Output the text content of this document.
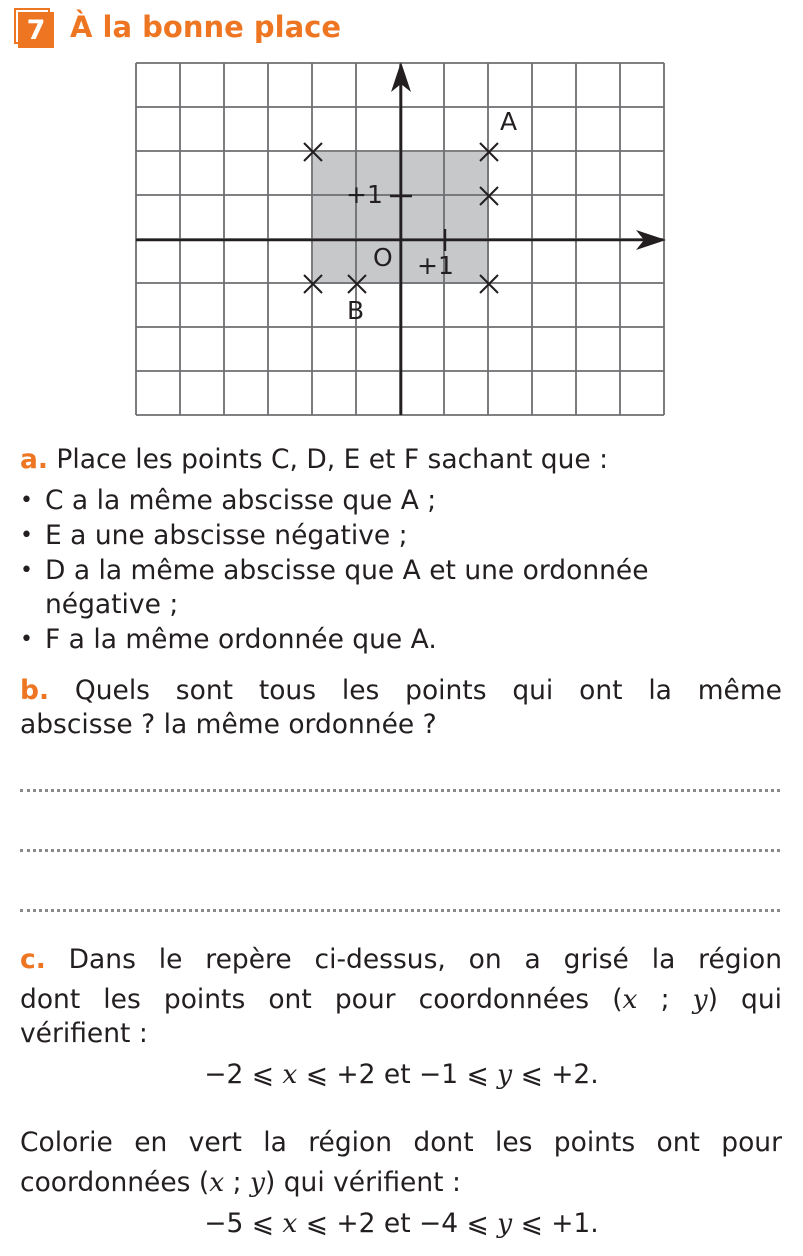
7 À la bonne place
O +1
+1
A
B
a. Place les points C, D, E et F sachant que :
• C a la même abscisse que A ;
• E a une abscisse négative ;
• D a la même abscisse que A et une ordonnée
négative ;
• F a la même ordonnée que A.
b. Quels sont tous les points qui ont la même
abscisse ? la même ordonnée ?
c. Dans le repère ci-dessus, on a grisé la région
dont les points ont pour coordonnées (x ; y) qui
vérifient :
−2 ⩽ x ⩽ +2 et −1 ⩽ y ⩽ +2.
Colorie en vert la région dont les points ont pour
coordonnées (x ; y) qui vérifient :
−5 ⩽ x ⩽ +2 et −4 ⩽ y ⩽ +1.
